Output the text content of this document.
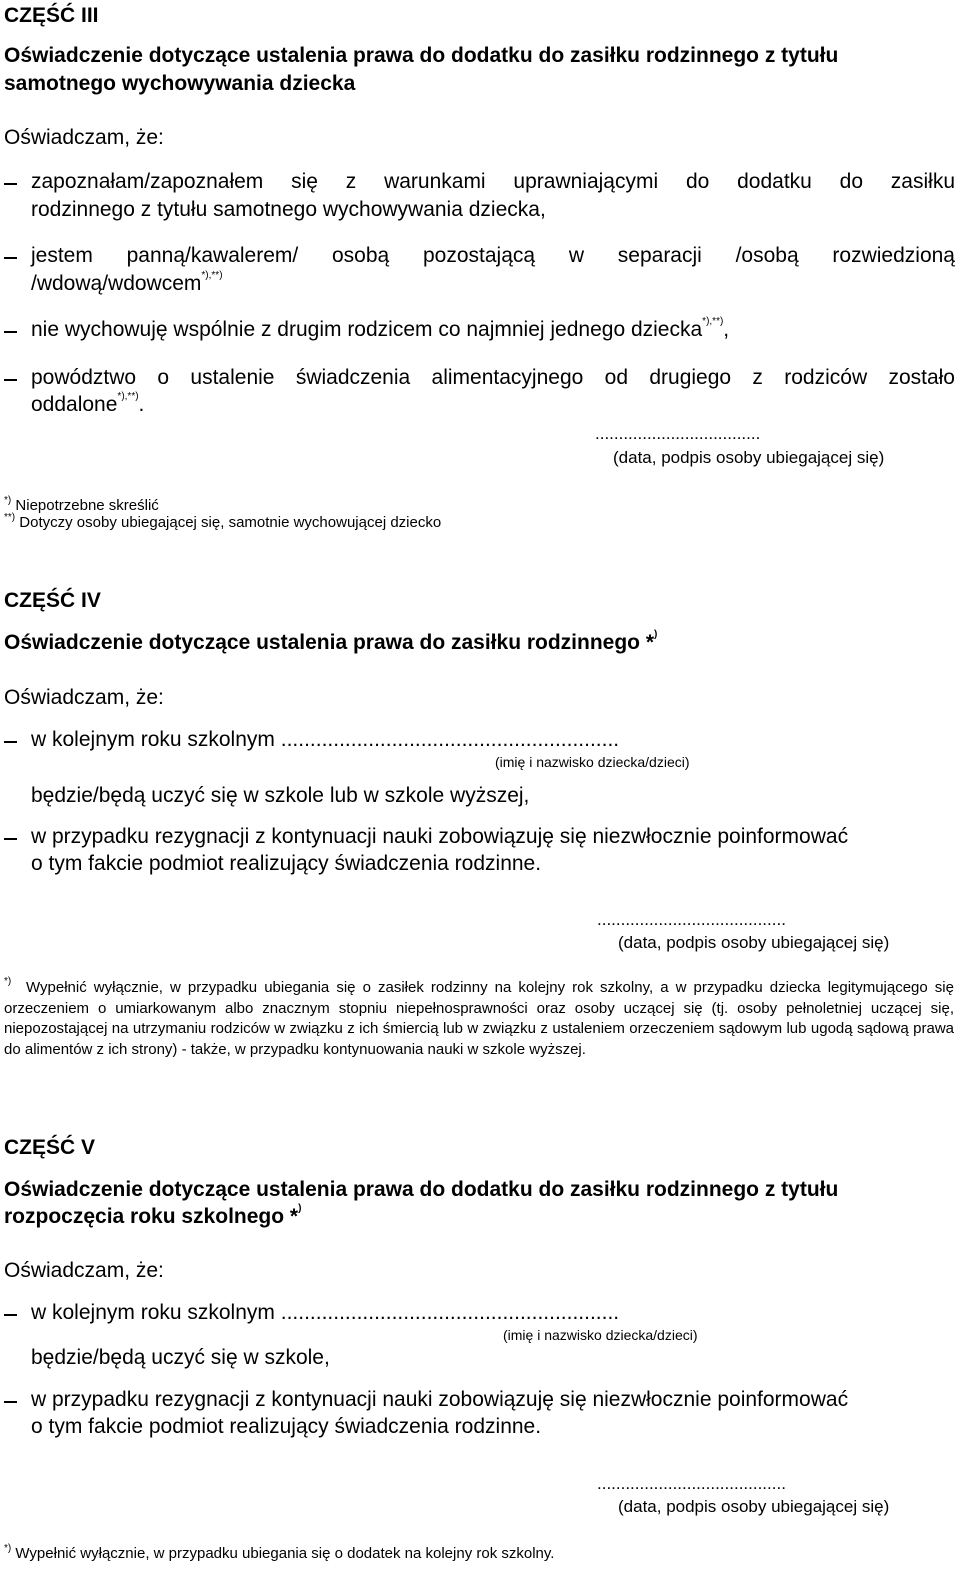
CZĘŚĆ III
Oświadczenie dotyczące ustalenia prawa do dodatku do zasiłku rodzinnego z tytułu
samotnego wychowywania dziecka
Oświadczam, że:
zapoznałam/zapoznałem się z warunkami uprawniającymi do dodatku do zasiłku
rodzinnego z tytułu samotnego wychowywania dziecka,
jestem panną/kawalerem/ osobą pozostającą w separacji /osobą rozwiedzioną
/wdową/wdowcem*),**)
nie wychowuję wspólnie z drugim rodzicem co najmniej jednego dziecka*),**),
powództwo o ustalenie świadczenia alimentacyjnego od drugiego z rodziców zostało
oddalone*),**).
...................................
(data, podpis osoby ubiegającej się)
*) Niepotrzebne skreślić
**) Dotyczy osoby ubiegającej się, samotnie wychowującej dziecko
CZĘŚĆ IV
Oświadczenie dotyczące ustalenia prawa do zasiłku rodzinnego *)
Oświadczam, że:
w kolejnym roku szkolnym ..........................................................
(imię i nazwisko dziecka/dzieci)
będzie/będą uczyć się w szkole lub w szkole wyższej,
w przypadku rezygnacji z kontynuacji nauki zobowiązuję się niezwłocznie poinformować
o tym fakcie podmiot realizujący świadczenia rodzinne.
........................................
(data, podpis osoby ubiegającej się)
*) Wypełnić wyłącznie, w przypadku ubiegania się o zasiłek rodzinny na kolejny rok szkolny, a w przypadku dziecka legitymującego się orzeczeniem o umiarkowanym albo znacznym stopniu niepełnosprawności oraz osoby uczącej się (tj. osoby pełnoletniej uczącej się, niepozostającej na utrzymaniu rodziców w związku z ich śmiercią lub w związku z ustaleniem orzeczeniem sądowym lub ugodą sądową prawa do alimentów z ich strony) - także, w przypadku kontynuowania nauki w szkole wyższej.
CZĘŚĆ V
Oświadczenie dotyczące ustalenia prawa do dodatku do zasiłku rodzinnego z tytułu
rozpoczęcia roku szkolnego *)
Oświadczam, że:
w kolejnym roku szkolnym ..........................................................
(imię i nazwisko dziecka/dzieci)
będzie/będą uczyć się w szkole,
w przypadku rezygnacji z kontynuacji nauki zobowiązuję się niezwłocznie poinformować
o tym fakcie podmiot realizujący świadczenia rodzinne.
........................................
(data, podpis osoby ubiegającej się)
*) Wypełnić wyłącznie, w przypadku ubiegania się o dodatek na kolejny rok szkolny.
